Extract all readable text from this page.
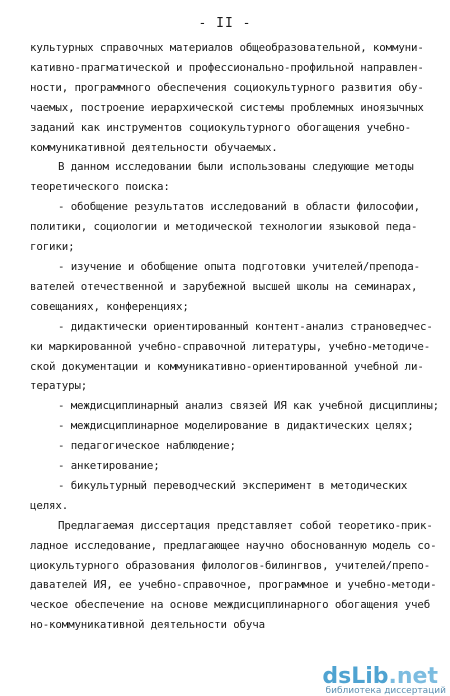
- II -
культурных справочных материалов общеобразовательной, коммуни-
кативно-прагматической и профессионально-профильной направлен-
ности, программного обеспечения социокультурного развития обу-
чаемых, построение иерархической системы проблемных иноязычных
заданий как инструментов социокультурного обогащения учебно-
коммуникативной деятельности обучаемых.
В данном исследовании были использованы следующие методы
теоретического поиска:
- обобщение результатов исследований в области философии,
политики, социологии и методической технологии языковой педа-
гогики;
- изучение и обобщение опыта подготовки учителей/препода-
вателей отечественной и зарубежной высшей школы на семинарах,
совещаниях, конференциях;
- дидактически ориентированный контент-анализ страноведчес-
ки маркированной учебно-справочной литературы, учебно-методиче-
ской документации и коммуникативно-ориентированной учебной ли-
тературы;
- междисциплинарный анализ связей ИЯ как учебной дисциплины;
- междисциплинарное моделирование в дидактических целях;
- педагогическое наблюдение;
- анкетирование;
- бикультурный переводческий эксперимент в методических
целях.
Предлагаемая диссертация представляет собой теоретико-прик-
ладное исследование, предлагающее научно обоснованную модель со-
циокультурного образования филологов-билингвов, учителей/препо-
давателей ИЯ, ее учебно-справочное, программное и учебно-методи-
ческое обеспечение на основе междисциплинарного обогащения учеб
но-коммуникативной деятельности обуча
dsLib.net
библиотека диссертаций
